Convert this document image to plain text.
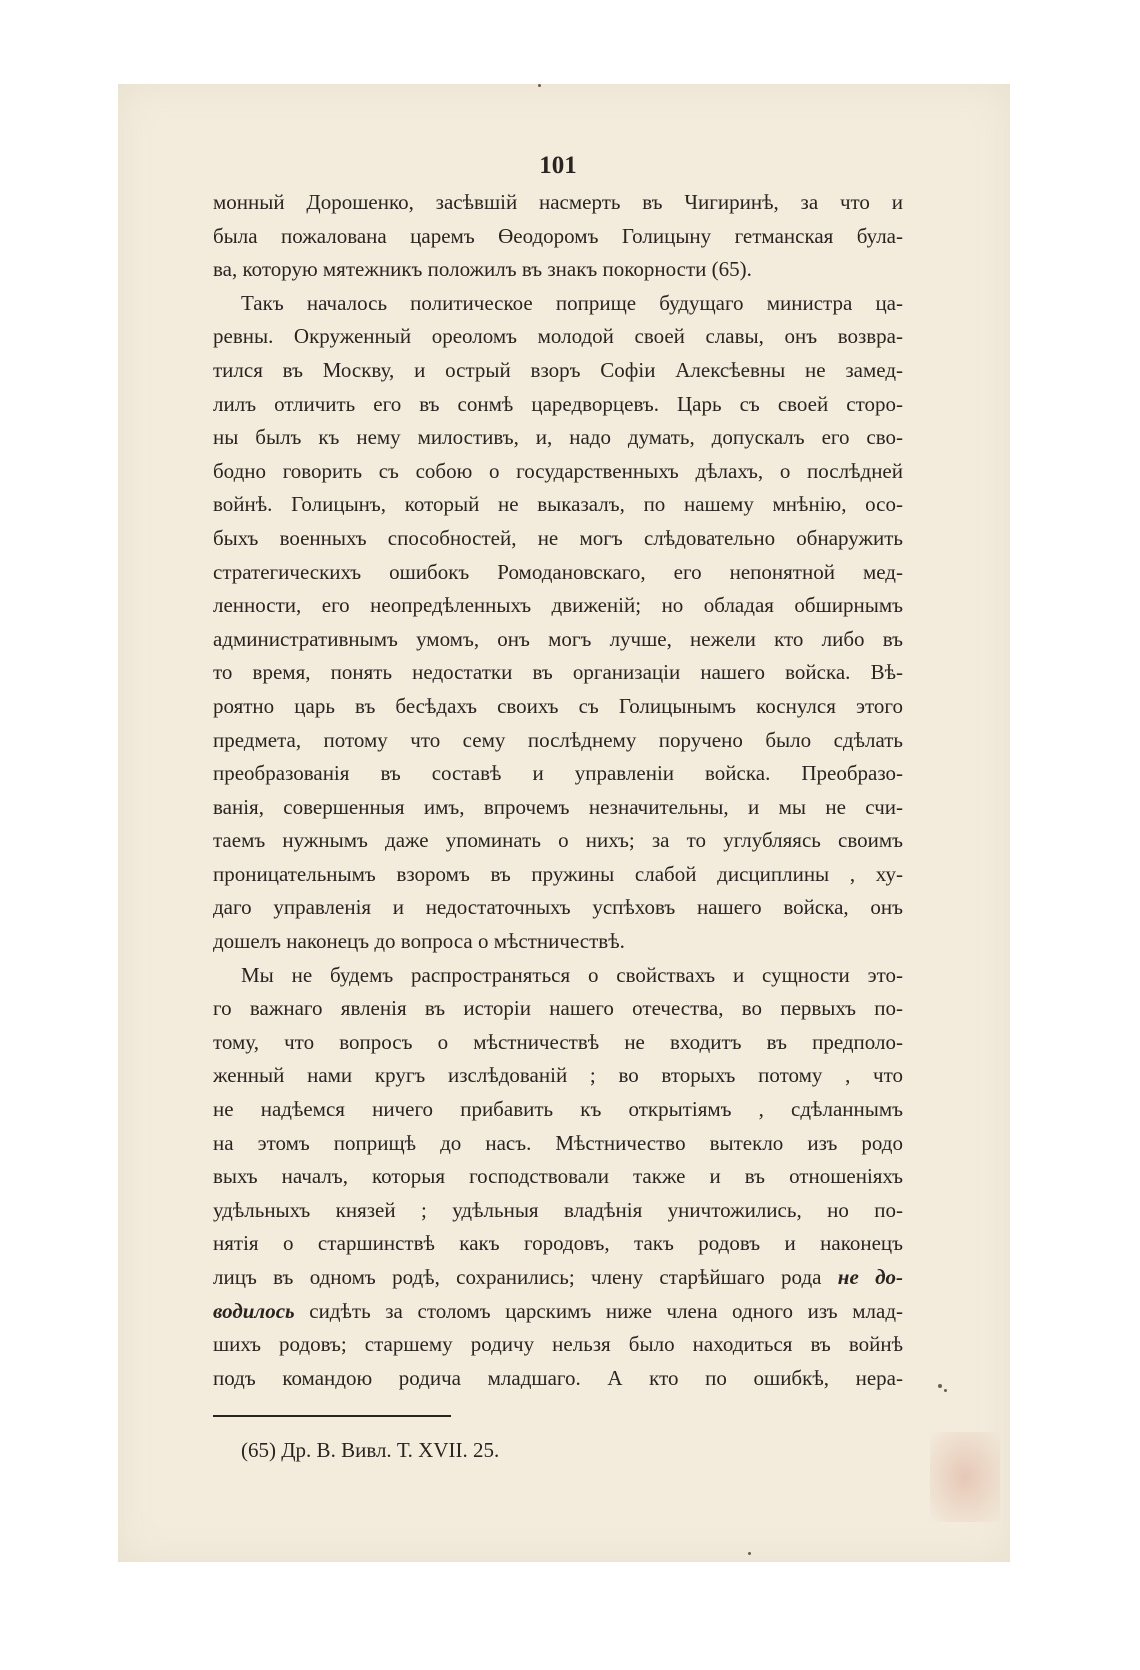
101
монный Дорошенко, засѣвшiй насмерть въ Чигиринѣ, за что и
была пожалована царемъ Өеодоромъ Голицыну гетманская була-
ва, которую мятежникъ положилъ въ знакъ покорности (65).
Такъ началось политическое поприще будущаго министра ца-
ревны. Окруженный ореоломъ молодой своей славы, онъ возвра-
тился въ Москву, и острый взоръ Софiи Алексѣевны не замед-
лилъ отличить его въ сонмѣ царедворцевъ. Царь съ своей сторо-
ны былъ къ нему милостивъ, и, надо думать, допускалъ его сво-
бодно говорить съ собою о государственныхъ дѣлахъ, о послѣдней
войнѣ. Голицынъ, который не выказалъ, по нашему мнѣнiю, осо-
быхъ военныхъ способностей, не могъ слѣдовательно обнаружить
стратегическихъ ошибокъ Ромодановскаго, его непонятной мед-
ленности, его неопредѣленныхъ движенiй; но обладая обширнымъ
административнымъ умомъ, онъ могъ лучше, нежели кто либо въ
то время, понять недостатки въ организацiи нашего войска. Вѣ-
роятно царь въ бесѣдахъ своихъ съ Голицынымъ коснулся этого
предмета, потому что сему послѣднему поручено было сдѣлать
преобразованiя въ составѣ и управленiи войска. Преобразо-
ванiя, совершенныя имъ, впрочемъ незначительны, и мы не счи-
таемъ нужнымъ даже упоминать о нихъ; за то углубляясь своимъ
проницательнымъ взоромъ въ пружины слабой дисциплины , ху-
даго управленiя и недостаточныхъ успѣховъ нашего войска, онъ
дошелъ наконецъ до вопроса о мѣстничествѣ.
Мы не будемъ распространяться о свойствахъ и сущности это-
го важнаго явленiя въ исторiи нашего отечества, во первыхъ по-
тому, что вопросъ о мѣстничествѣ не входитъ въ предполо-
женный нами кругъ изслѣдованiй ; во вторыхъ потому , что
не надѣемся ничего прибавить къ открытiямъ , сдѣланнымъ
на этомъ поприщѣ до насъ. Мѣстничество вытекло изъ родо
выхъ началъ, которыя господствовали также и въ отношенiяхъ
удѣльныхъ князей ; удѣльныя владѣнiя уничтожились, но по-
нятiя о старшинствѣ какъ городовъ, такъ родовъ и наконецъ
лицъ въ одномъ родѣ, сохранились; члену старѣйшаго рода не до-
водилось сидѣть за столомъ царскимъ ниже члена одного изъ млад-
шихъ родовъ; старшему родичу нельзя было находиться въ войнѣ
подъ командою родича младшаго. А кто по ошибкѣ, нера-
(65) Др. В. Вивл. Т. XVII. 25.
